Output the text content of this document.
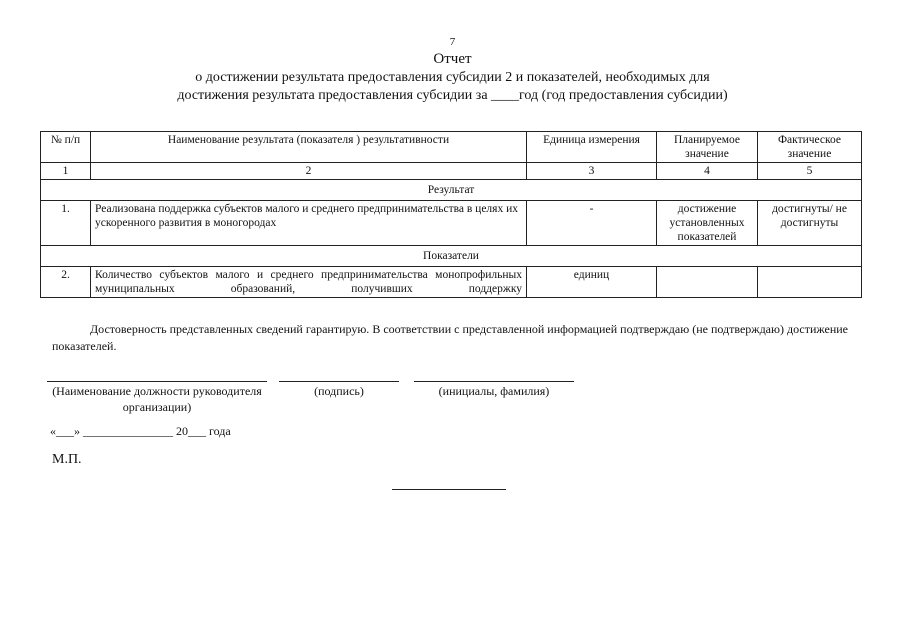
7
Отчет
о достижении результата предоставления субсидии 2 и показателей, необходимых для
достижения результата предоставления субсидии за ____год (год предоставления субсидии)
№ п/п	Наименование результата (показателя ) результативности	Единица измерения	Планируемое значение	Фактическое значение
1	2	3	4	5
Результат				
1.	Реализована поддержка субъектов малого и среднего предпринимательства в целях их ускоренного развития в моногородах	-	достижение установленных показателей	достигнуты/ не достигнуты
Показатели				
2.	Количество субъектов малого и среднего предпринимательства монопрофильных муниципальных образований, получивших поддержку	единиц		
Достоверность представленных сведений гарантирую. В соответствии с представленной информацией подтверждаю (не подтверждаю) достижение показателей.
(Наименование должности руководителя организации)
(подпись)	(инициалы, фамилия)
«___» _______________ 20___ года
М.П.
